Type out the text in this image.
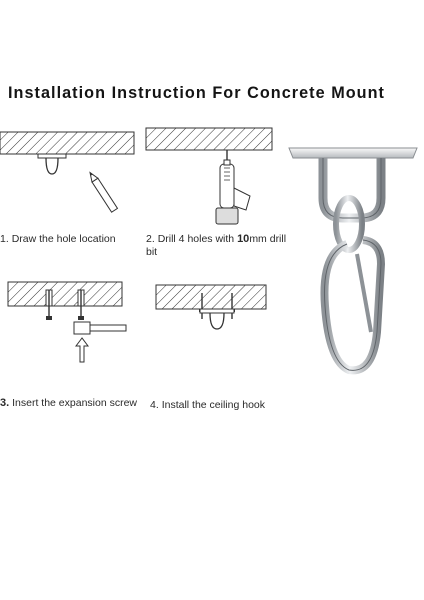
Installation Instruction For Concrete Mount
1. Draw the hole location	2. Drill 4 holes with 10mm drill
bit
3. Insert the expansion screw 4. Install the ceiling hook
